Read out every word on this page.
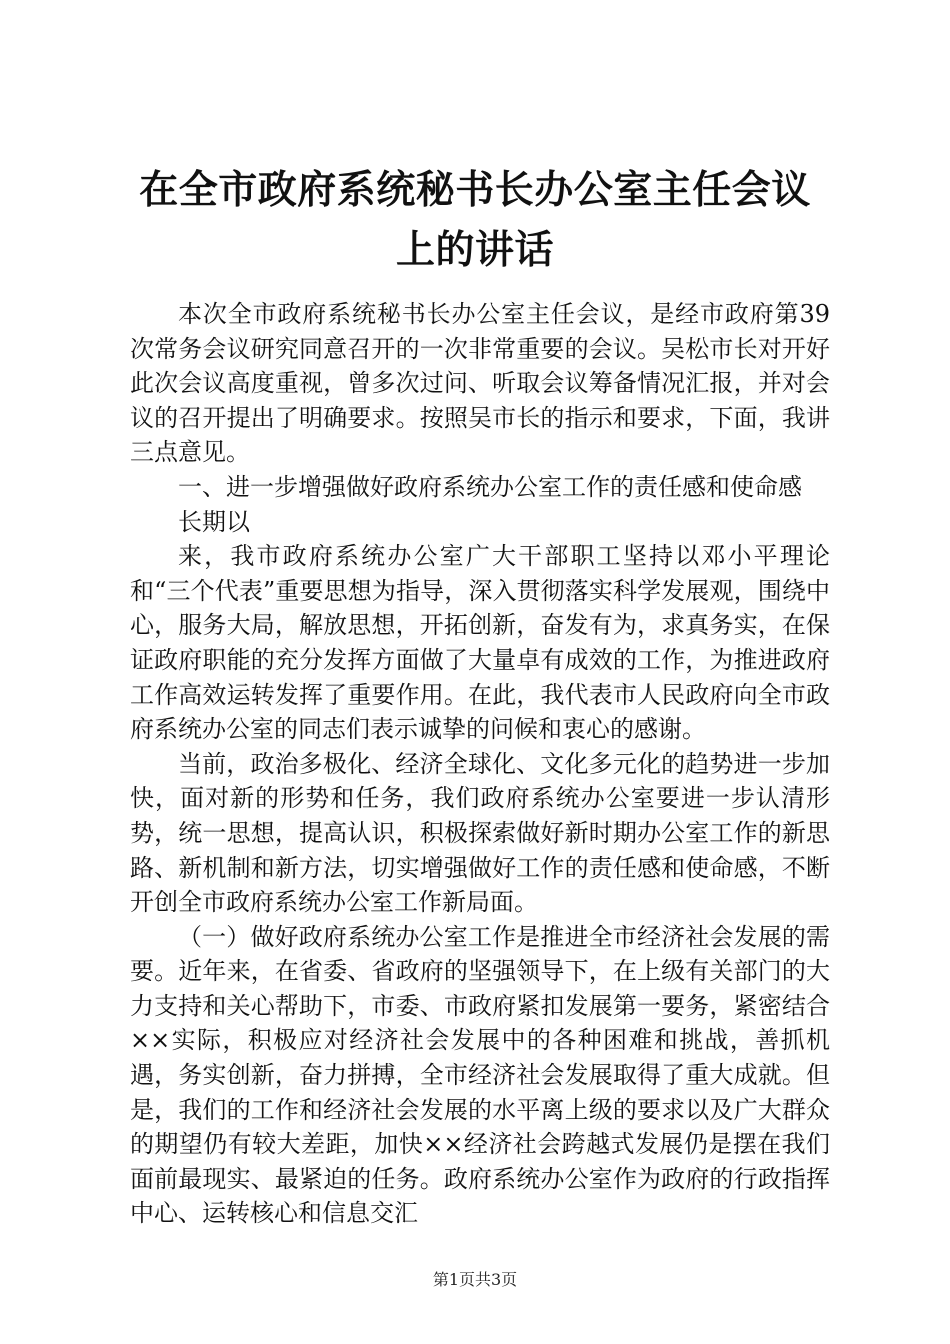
在全市政府系统秘书长办公室主任会议上的讲话

本次全市政府系统秘书长办公室主任会议，是经市政府第39次常务会议研究同意召开的一次非常重要的会议。吴松市长对开好此次会议高度重视，曾多次过问、听取会议筹备情况汇报，并对会议的召开提出了明确要求。按照吴市长的指示和要求，下面，我讲三点意见。

一、进一步增强做好政府系统办公室工作的责任感和使命感

长期以

来，我市政府系统办公室广大干部职工坚持以邓小平理论和“三个代表”重要思想为指导，深入贯彻落实科学发展观，围绕中心，服务大局，解放思想，开拓创新，奋发有为，求真务实，在保证政府职能的充分发挥方面做了大量卓有成效的工作，为推进政府工作高效运转发挥了重要作用。在此，我代表市人民政府向全市政府系统办公室的同志们表示诚挚的问候和衷心的感谢。

当前，政治多极化、经济全球化、文化多元化的趋势进一步加快，面对新的形势和任务，我们政府系统办公室要进一步认清形势，统一思想，提高认识，积极探索做好新时期办公室工作的新思路、新机制和新方法，切实增强做好工作的责任感和使命感，不断开创全市政府系统办公室工作新局面。

（一）做好政府系统办公室工作是推进全市经济社会发展的需要。近年来，在省委、省政府的坚强领导下，在上级有关部门的大力支持和关心帮助下，市委、市政府紧扣发展第一要务，紧密结合××实际，积极应对经济社会发展中的各种困难和挑战，善抓机遇，务实创新，奋力拼搏，全市经济社会发展取得了重大成就。但是，我们的工作和经济社会发展的水平离上级的要求以及广大群众的期望仍有较大差距，加快××经济社会跨越式发展仍是摆在我们面前最现实、最紧迫的任务。政府系统办公室作为政府的行政指挥中心、运转核心和信息交汇

第1页共3页
